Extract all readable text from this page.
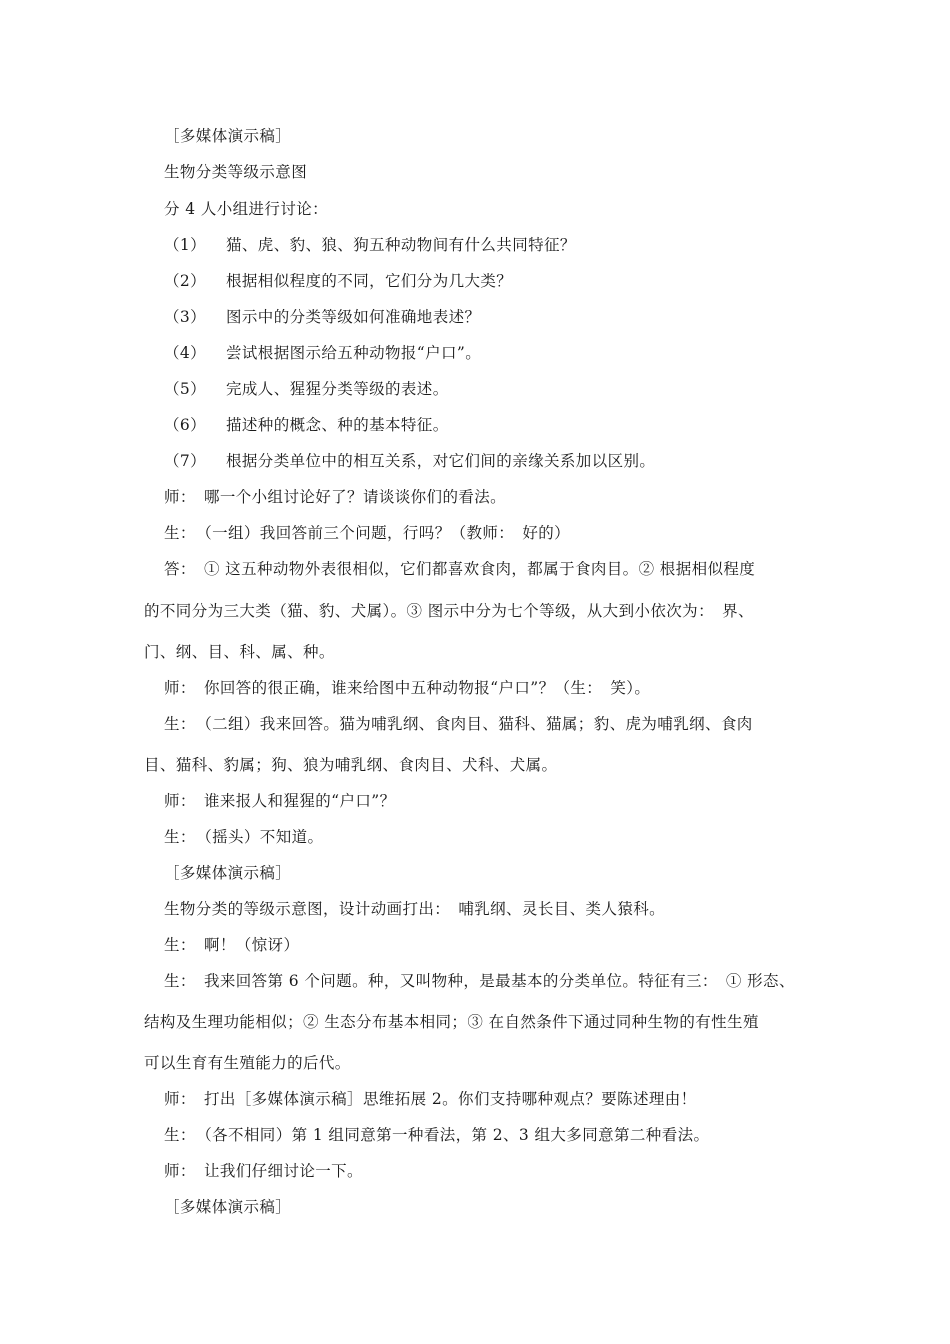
［多媒体演示稿］
生物分类等级示意图
分 4 人小组进行讨论：
（1） 猫、虎、豹、狼、狗五种动物间有什么共同特征？
（2） 根据相似程度的不同，它们分为几大类？
（3） 图示中的分类等级如何准确地表述？
（4） 尝试根据图示给五种动物报“户口”。
（5） 完成人、猩猩分类等级的表述。
（6） 描述种的概念、种的基本特征。
（7） 根据分类单位中的相互关系，对它们间的亲缘关系加以区别。
师：　哪一个小组讨论好了？请谈谈你们的看法。
生：　（一组）我回答前三个问题，行吗？（教师：　好的）
答：　① 这五种动物外表很相似，它们都喜欢食肉，都属于食肉目。② 根据相似程度
的不同分为三大类（猫、豹、犬属）。③ 图示中分为七个等级，从大到小依次为：　界、
门、纲、目、科、属、种。
师：　你回答的很正确，谁来给图中五种动物报“户口”？（生：　笑）。
生：　（二组）我来回答。猫为哺乳纲、食肉目、猫科、猫属；豹、虎为哺乳纲、食肉
目、猫科、豹属；狗、狼为哺乳纲、食肉目、犬科、犬属。
师：　谁来报人和猩猩的“户口”？
生：　（摇头）不知道。
［多媒体演示稿］
生物分类的等级示意图，设计动画打出：　哺乳纲、灵长目、类人猿科。
生：　啊！（惊讶）
生：　我来回答第 6 个问题。种，又叫物种，是最基本的分类单位。特征有三：　① 形态、
结构及生理功能相似；② 生态分布基本相同；③ 在自然条件下通过同种生物的有性生殖
可以生育有生殖能力的后代。
师：　打出［多媒体演示稿］思维拓展 2。你们支持哪种观点？要陈述理由！
生：　（各不相同）第 1 组同意第一种看法，第 2、3 组大多同意第二种看法。
师：　让我们仔细讨论一下。
［多媒体演示稿］
